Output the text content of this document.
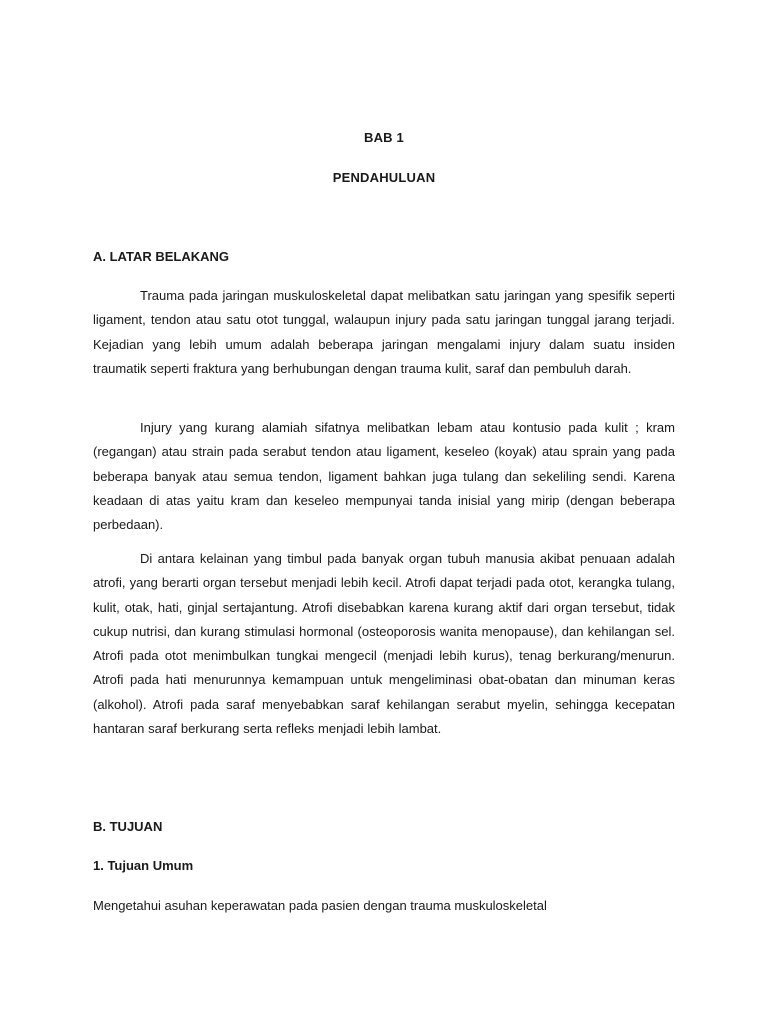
BAB 1
PENDAHULUAN
A. LATAR BELAKANG

Trauma pada jaringan muskuloskeletal dapat melibatkan satu jaringan yang spesifik seperti ligament, tendon atau satu otot tunggal, walaupun injury pada satu jaringan tunggal jarang terjadi. Kejadian yang lebih umum adalah beberapa jaringan mengalami injury dalam suatu insiden traumatik seperti fraktura yang berhubungan dengan trauma kulit, saraf dan pembuluh darah.

Injury yang kurang alamiah sifatnya melibatkan lebam atau kontusio pada kulit ; kram (regangan) atau strain pada serabut tendon atau ligament, keseleo (koyak) atau sprain yang pada beberapa banyak atau semua tendon, ligament bahkan juga tulang dan sekeliling sendi. Karena keadaan di atas yaitu kram dan keseleo mempunyai tanda inisial yang mirip (dengan beberapa perbedaan).

Di antara kelainan yang timbul pada banyak organ tubuh manusia akibat penuaan adalah atrofi, yang berarti organ tersebut menjadi lebih kecil. Atrofi dapat terjadi pada otot, kerangka tulang, kulit, otak, hati, ginjal sertajantung. Atrofi disebabkan karena kurang aktif dari organ tersebut, tidak cukup nutrisi, dan kurang stimulasi hormonal (osteoporosis wanita menopause), dan kehilangan sel. Atrofi pada otot menimbulkan tungkai mengecil (menjadi lebih kurus), tenag berkurang/menurun. Atrofi pada hati menurunnya kemampuan untuk mengeliminasi obat-obatan dan minuman keras (alkohol). Atrofi pada saraf menyebabkan saraf kehilangan serabut myelin, sehingga kecepatan hantaran saraf berkurang serta refleks menjadi lebih lambat.

B. TUJUAN
1. Tujuan Umum

Mengetahui asuhan keperawatan pada pasien dengan trauma muskuloskeletal
